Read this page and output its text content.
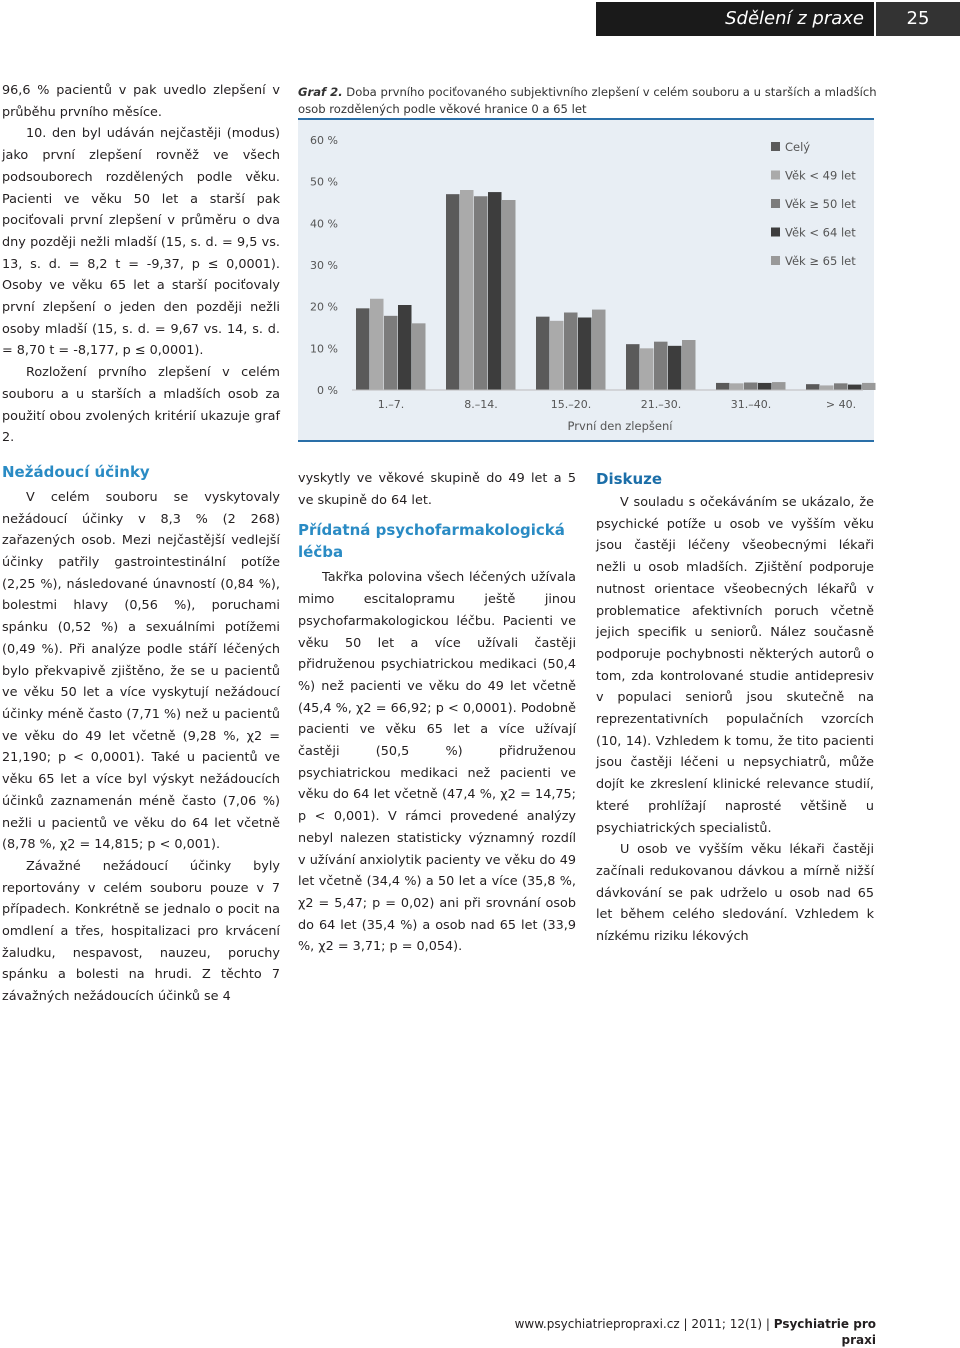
Sdělení z praxe	25

96,6 % pacientů v pak uvedlo zlepšení v průběhu prvního měsíce.

10. den byl udáván nejčastěji (modus) jako první zlepšení rovněž ve všech podsouborech rozdělených podle věku. Pacienti ve věku 50 let a starší pak pociťovali první zlepšení v průměru o dva dny později nežli mladší (15, s. d. = 9,5 vs. 13, s. d. = 8,2 t = -9,37, p ≤ 0,0001). Osoby ve věku 65 let a starší pociťovaly první zlepšení o jeden den později nežli osoby mladší (15, s. d. = 9,67 vs. 14, s. d. = 8,70 t = -8,177, p ≤ 0,0001).

Rozložení prvního zlepšení v celém souboru a u starších a mladších osob za použití obou zvolených kritérií ukazuje graf 2.

Nežádoucí účinky

V celém souboru se vyskytovaly nežádoucí účinky v 8,3 % (2 268) zařazených osob. Mezi nejčastější vedlejší účinky patřily gastrointestinální potíže (2,25 %), následované únavností (0,84 %), bolestmi hlavy (0,56 %), poruchami spánku (0,52 %) a sexuálními potížemi (0,49 %). Při analýze podle stáří léčených bylo překvapivě zjištěno, že se u pacientů ve věku 50 let a více vyskytují nežádoucí účinky méně často (7,71 %) než u pacientů ve věku do 49 let včetně (9,28 %, χ2 = 21,190; p < 0,0001). Také u pacientů ve věku 65 let a více byl výskyt nežádoucích účinků zaznamenán méně často (7,06 %) nežli u pacientů ve věku do 64 let včetně (8,78 %, χ2 = 14,815; p < 0,001).

Závažné nežádoucí účinky byly reportovány v celém souboru pouze v 7 případech. Konkrétně se jednalo o pocit na omdlení a třes, hospitalizaci pro krvácení žaludku, nespavost, nauzeu, poruchy spánku a bolesti na hrudi. Z těchto 7 závažných nežádoucích účinků se 4

Graf 2. Doba prvního pociťovaného subjektivního zlepšení v celém souboru a u starších a mladších osob rozdělených podle věkové hranice 0 a 65 let
0 %
10 %
20 %
30 %
40 %
50 %
60 %
1.–7.	8.–14.	15.–20.	21.–30.	31.–40.	> 40.
První den zlepšení
Celý
Věk < 49 let
Věk ≥ 50 let
Věk < 64 let
Věk ≥ 65 let

vyskytly ve věkové skupině do 49 let a 5 ve skupině do 64 let.

Přídatná psychofarmakologická léčba

Takřka polovina všech léčených užívala mimo escitalopramu ještě jinou psychofarmakologickou léčbu. Pacienti ve věku 50 let a více užívali častěji přidruženou psychiatrickou medikaci (50,4 %) než pacienti ve věku do 49 let včetně (45,4 %, χ2 = 66,92; p < 0,0001). Podobně pacienti ve věku 65 let a více užívají častěji (50,5 %) přidruženou psychiatrickou medikaci než pacienti ve věku do 64 let včetně (47,4 %, χ2 = 14,75; p < 0,001). V rámci provedené analýzy nebyl nalezen statisticky významný rozdíl v užívání anxiolytik pacienty ve věku do 49 let včetně (34,4 %) a 50 let a více (35,8 %, χ2 = 5,47; p = 0,02) ani při srovnání osob do 64 let (35,4 %) a osob nad 65 let (33,9 %, χ2 = 3,71; p = 0,054).

Diskuze

V souladu s očekáváním se ukázalo, že psychické potíže u osob ve vyšším věku jsou častěji léčeny všeobecnými lékaři nežli u osob mladších. Zjištění podporuje nutnost orientace všeobecných lékařů v problematice afektivních poruch včetně jejich specifik u seniorů. Nález současně podporuje pochybnosti některých autorů o tom, zda kontrolované studie antidepresiv v populaci seniorů jsou skutečně na reprezentativních populačních vzorcích (10, 14). Vzhledem k tomu, že tito pacienti jsou častěji léčeni u nepsychiatrů, může dojít ke zkreslení klinické relevance studií, které prohlížají naprosté většině u psychiatrických specialistů.

U osob ve vyšším věku lékaři častěji začínali redukovanou dávkou a mírně nižší dávkování se pak udrželo u osob nad 65 let během celého sledování. Vzhledem k nízkému riziku lékových

www.psychiatriepropraxi.cz | 2011; 12(1) | Psychiatrie pro praxi
